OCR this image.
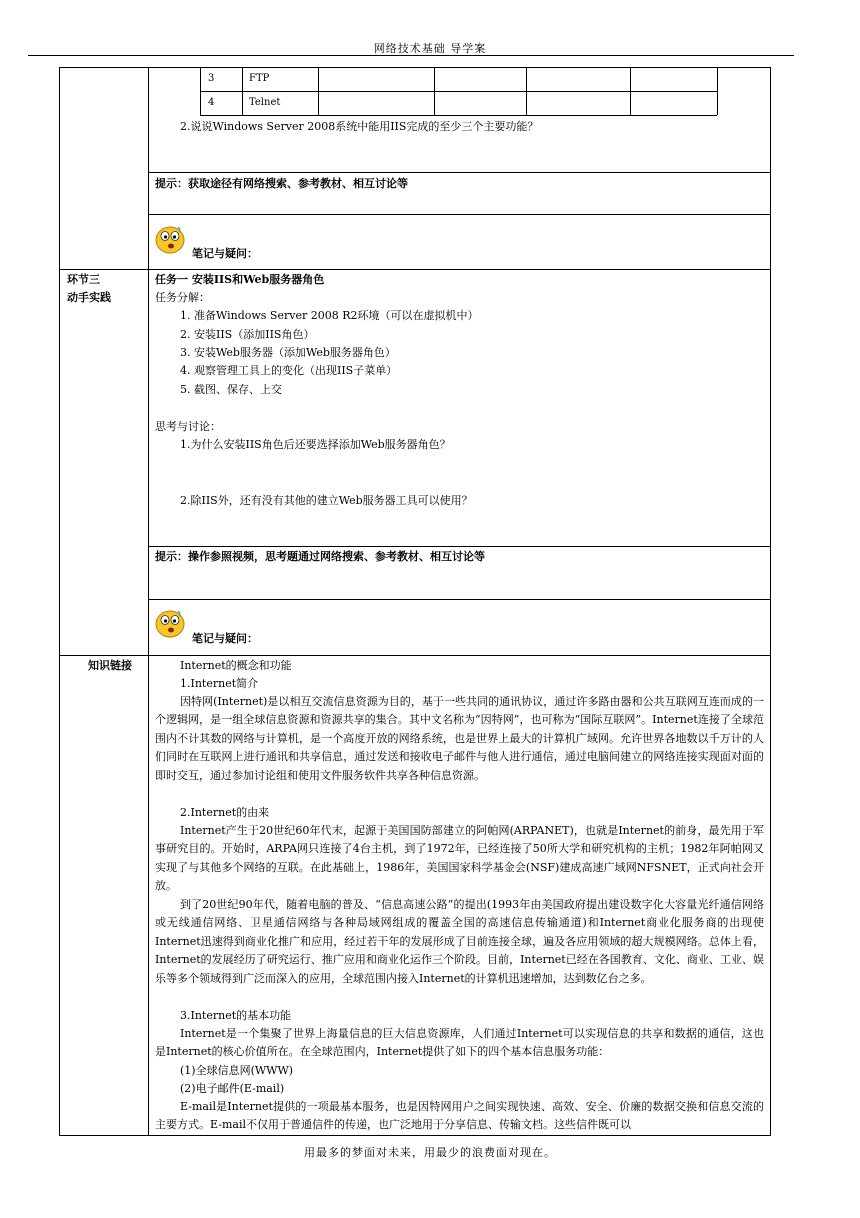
网络技术基础 导学案
3	FTP
4	Telnet
2.说说Windows Server 2008系统中能用IIS完成的至少三个主要功能？
提示：获取途径有网络搜索、参考教材、相互讨论等
笔记与疑问：
环节三
动手实践
任务一 安装IIS和Web服务器角色
任务分解：
1. 准备Windows Server 2008 R2环境（可以在虚拟机中）
2. 安装IIS（添加IIS角色）
3. 安装Web服务器（添加Web服务器角色）
4. 观察管理工具上的变化（出现IIS子菜单）
5. 截图、保存、上交
思考与讨论：
1.为什么安装IIS角色后还要选择添加Web服务器角色？
2.除IIS外，还有没有其他的建立Web服务器工具可以使用？
提示：操作参照视频，思考题通过网络搜索、参考教材、相互讨论等
笔记与疑问：
知识链接	Internet的概念和功能
1.Internet简介
因特网(Internet)是以相互交流信息资源为目的，基于一些共同的通讯协议，通过许多路由器和公共互联网互连而成的一个逻辑网，是一组全球信息资源和资源共享的集合。其中文名称为“因特网”，也可称为“国际互联网”。Internet连接了全球范围内不计其数的网络与计算机，是一个高度开放的网络系统，也是世界上最大的计算机广域网。允许世界各地数以千万计的人们同时在互联网上进行通讯和共享信息，通过发送和接收电子邮件与他人进行通信，通过电脑间建立的网络连接实现面对面的即时交互，通过参加讨论组和使用文件服务软件共享各种信息资源。
2.Internet的由来
Internet产生于20世纪60年代末，起源于美国国防部建立的阿帕网(ARPANET)，也就是Internet的前身，最先用于军事研究目的。开始时，ARPA网只连接了4台主机，到了1972年，已经连接了50所大学和研究机构的主机；1982年阿帕网又实现了与其他多个网络的互联。在此基础上，1986年，美国国家科学基金会(NSF)建成高速广域网NFSNET，正式向社会开放。
到了20世纪90年代，随着电脑的普及、“信息高速公路”的提出(1993年由美国政府提出建设数字化大容量光纤通信网络或无线通信网络、卫星通信网络与各种局域网组成的覆盖全国的高速信息传输通道)和Internet商业化服务商的出现使Internet迅速得到商业化推广和应用，经过若干年的发展形成了目前连接全球，遍及各应用领域的超大规模网络。总体上看，Internet的发展经历了研究运行、推广应用和商业化运作三个阶段。目前，Internet已经在各国教育、文化、商业、工业、娱乐等多个领域得到广泛而深入的应用，全球范围内接入Internet的计算机迅速增加，达到数亿台之多。
3.Internet的基本功能
Internet是一个集聚了世界上海量信息的巨大信息资源库，人们通过Internet可以实现信息的共享和数据的通信，这也是Internet的核心价值所在。在全球范围内，Internet提供了如下的四个基本信息服务功能：
(1)全球信息网(WWW)
(2)电子邮件(E-mail)
E-mail是Internet提供的一项最基本服务，也是因特网用户之间实现快速、高效、安全、价廉的数据交换和信息交流的主要方式。E-mail不仅用于普通信件的传递，也广泛地用于分享信息、传输文档。这些信件既可以
用最多的梦面对未来，用最少的浪费面对现在。
